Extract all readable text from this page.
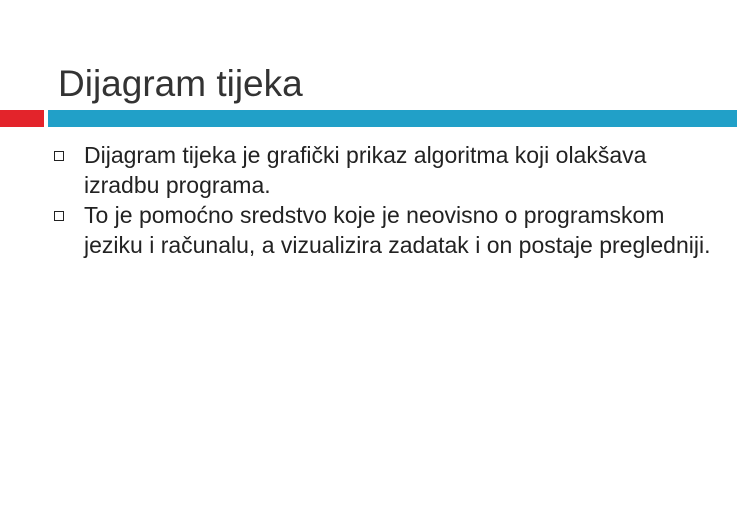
Dijagram tijeka
Dijagram tijeka je grafički prikaz algoritma koji olakšava izradbu programa.
To je pomoćno sredstvo koje je neovisno o programskom jeziku i računalu, a vizualizira zadatak i on postaje pregledniji.
